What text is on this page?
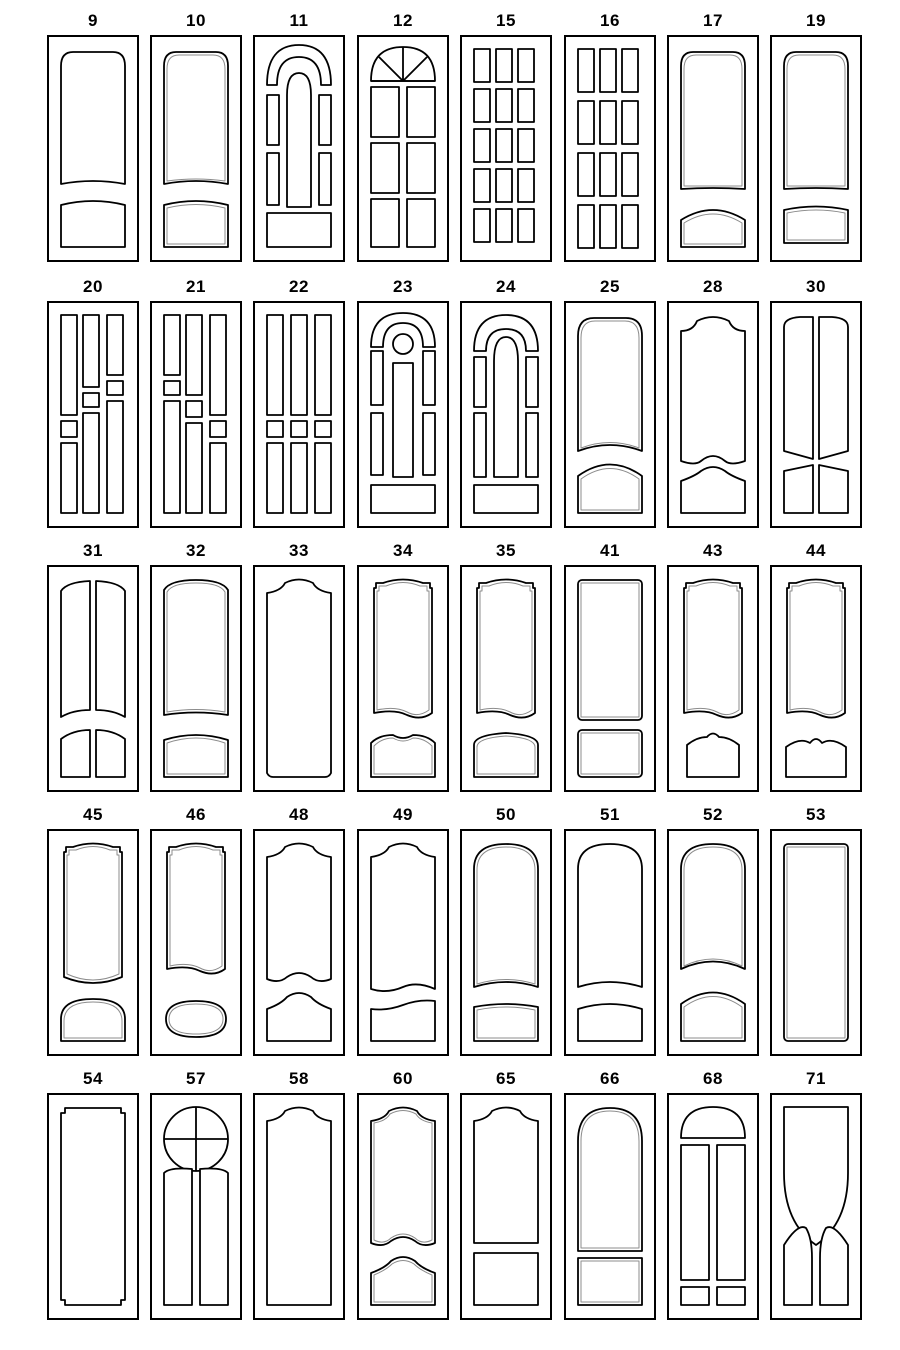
9	10	11	12	15	16	17	19
20	21	22	23	24	25	28	30
31	32	33	34	35	41	43	44
45	46	48	49	50	51	52	53
54	57	58	60	65	66	68	71
